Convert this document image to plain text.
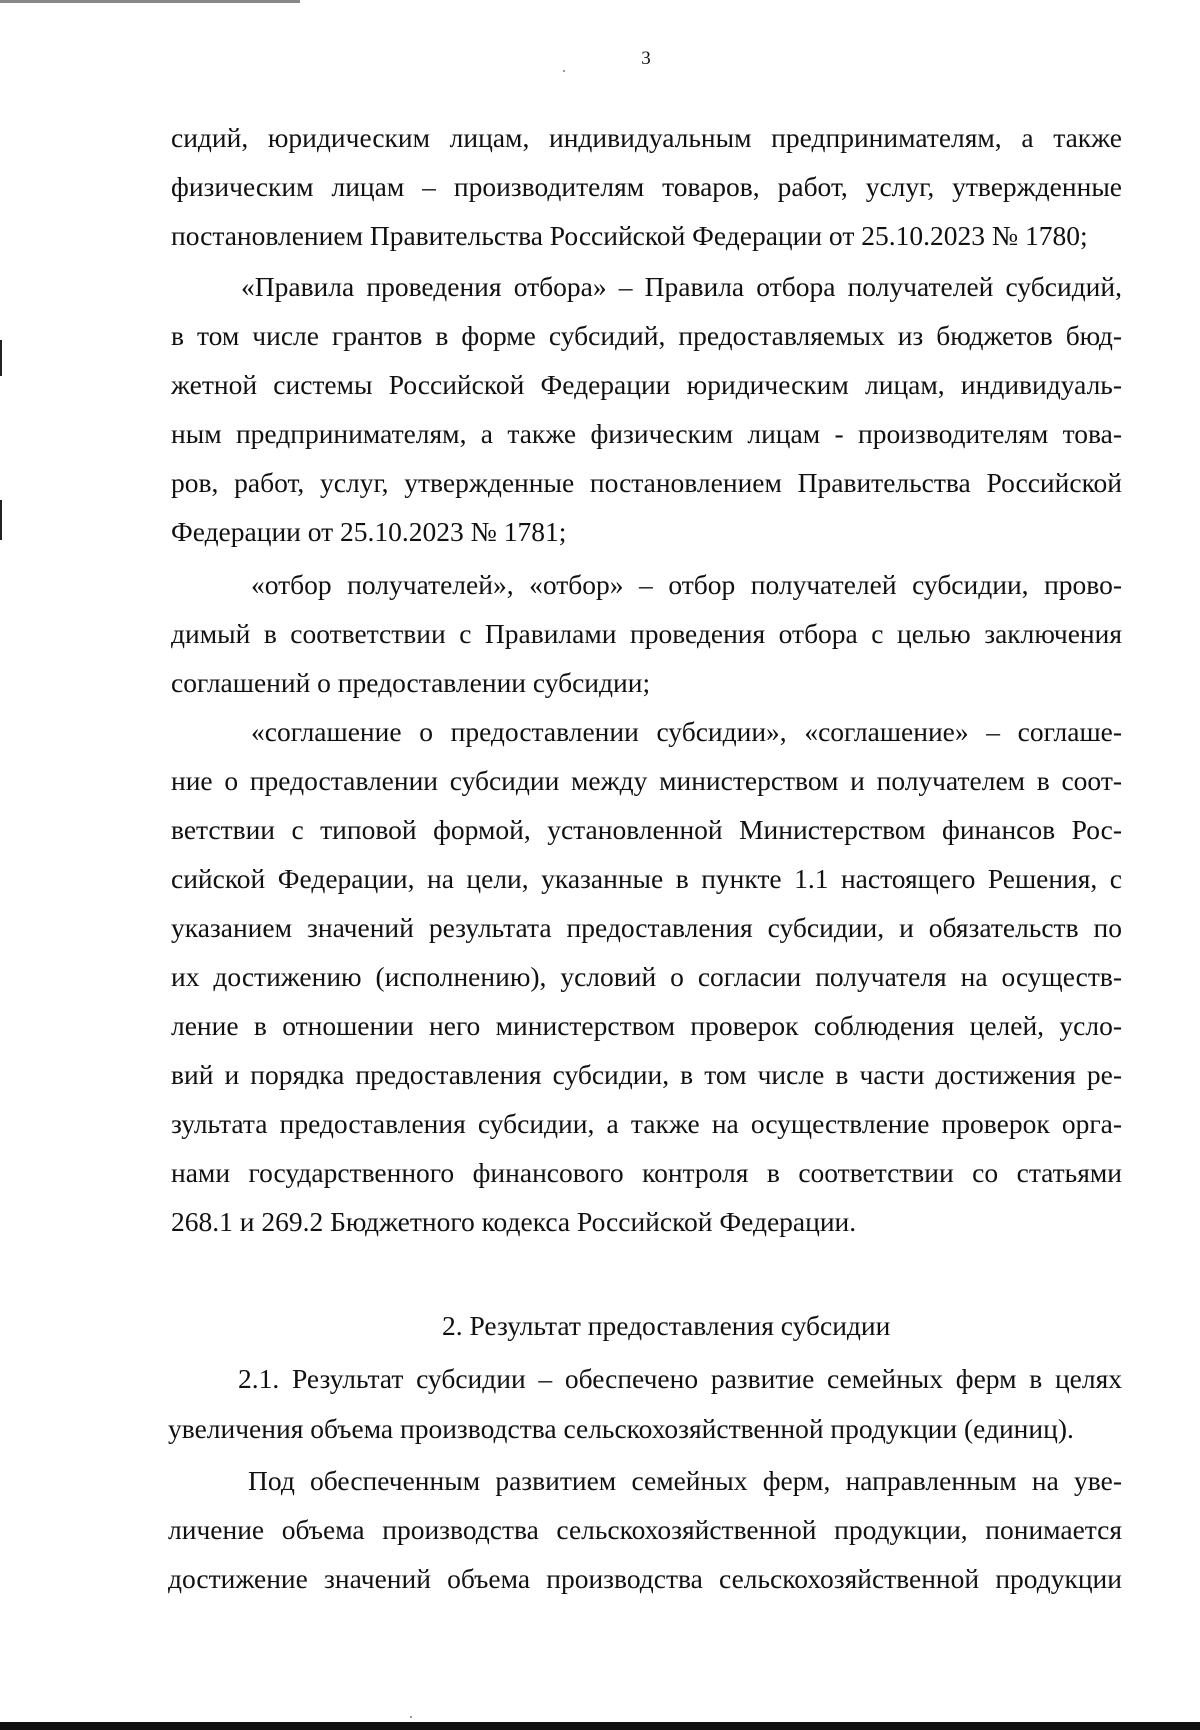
3
сидий, юридическим лицам, индивидуальным предпринимателям, а также
физическим лицам – производителям товаров, работ, услуг, утвержденные
постановлением Правительства Российской Федерации от 25.10.2023 № 1780;
«Правила проведения отбора» – Правила отбора получателей субсидий,
в том числе грантов в форме субсидий, предоставляемых из бюджетов бюд-
жетной системы Российской Федерации юридическим лицам, индивидуаль-
ным предпринимателям, а также физическим лицам - производителям това-
ров, работ, услуг, утвержденные постановлением Правительства Российской
Федерации от 25.10.2023 № 1781;
«отбор получателей», «отбор» – отбор получателей субсидии, прово-
димый в соответствии с Правилами проведения отбора с целью заключения
соглашений о предоставлении субсидии;
«соглашение о предоставлении субсидии», «соглашение» – соглаше-
ние о предоставлении субсидии между министерством и получателем в соот-
ветствии с типовой формой, установленной Министерством финансов Рос-
сийской Федерации, на цели, указанные в пункте 1.1 настоящего Решения, с
указанием значений результата предоставления субсидии, и обязательств по
их достижению (исполнению), условий о согласии получателя на осуществ-
ление в отношении него министерством проверок соблюдения целей, усло-
вий и порядка предоставления субсидии, в том числе в части достижения ре-
зультата предоставления субсидии, а также на осуществление проверок орга-
нами государственного финансового контроля в соответствии со статьями
268.1 и 269.2 Бюджетного кодекса Российской Федерации.
2. Результат предоставления субсидии
2.1. Результат субсидии – обеспечено развитие семейных ферм в целях
увеличения объема производства сельскохозяйственной продукции (единиц).
Под обеспеченным развитием семейных ферм, направленным на уве-
личение объема производства сельскохозяйственной продукции, понимается
достижение значений объема производства сельскохозяйственной продукции
